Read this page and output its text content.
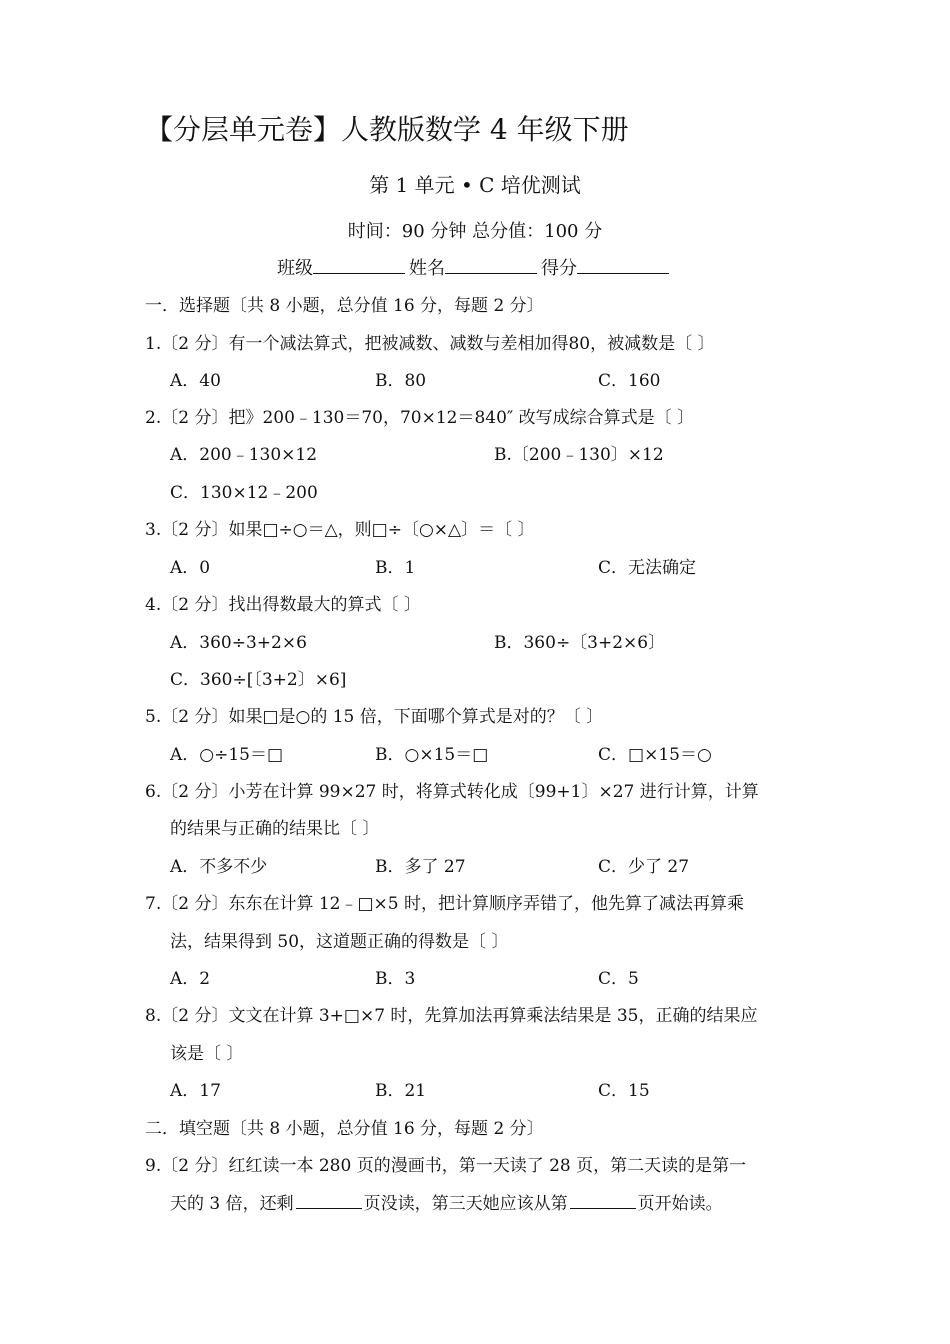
【分层单元卷】人教版数学 4 年级下册
第 1 单元 • C 培优测试
时间：90 分钟 总分值：100 分
班级	姓名	得分
一．选择题〔共 8 小题，总分值 16 分，每题 2 分〕
1.〔2 分〕有一个减法算式，把被减数、减数与差相加得80，被减数是〔 〕
A．40	B．80	C．160
2.〔2 分〕把》200﹣130＝70，70×12＝840″ 改写成综合算式是〔 〕
A．200﹣130×12	B.〔200﹣130〕×12
C．130×12﹣200
3.〔2 分〕如果□÷○＝△，则□÷〔○×△〕＝〔 〕
A．0	B．1	C．无法确定
4.〔2 分〕找出得数最大的算式〔 〕
A．360÷3+2×6	B．360÷〔3+2×6〕
C．360÷[〔3+2〕×6]
5.〔2 分〕如果□是○的 15 倍，下面哪个算式是对的？〔 〕
A．○÷15＝□	B．○×15＝□	C．□×15＝○
6.〔2 分〕小芳在计算 99×27 时，将算式转化成〔99+1〕×27 进行计算，计算
的结果与正确的结果比〔 〕
A．不多不少	B．多了 27	C．少了 27
7.〔2 分〕东东在计算 12﹣□×5 时，把计算顺序弄错了，他先算了减法再算乘
法，结果得到 50，这道题正确的得数是〔 〕
A．2	B．3	C．5
8.〔2 分〕文文在计算 3+□×7 时，先算加法再算乘法结果是 35，正确的结果应
该是〔 〕
A．17	B．21	C．15
二．填空题〔共 8 小题，总分值 16 分，每题 2 分〕
9.〔2 分〕红红读一本 280 页的漫画书，第一天读了 28 页，第二天读的是第一
天的 3 倍，还剩	页没读，第三天她应该从第	页开始读。
